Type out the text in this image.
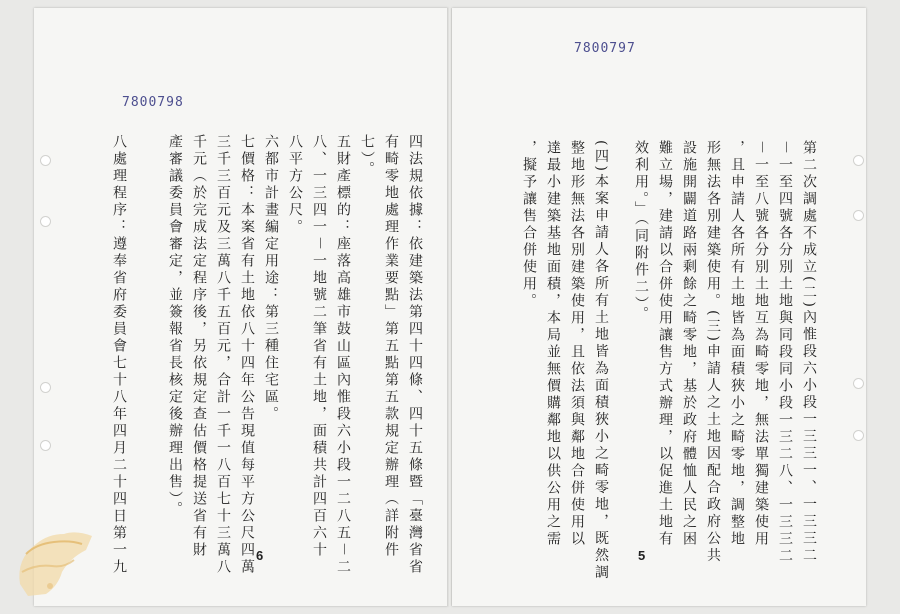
7800798
7800797
四法規依據：依建築法第四十四條、四十五條暨「臺灣省省
有畸零地處理作業要點」第五點第五款規定辦理（詳附件
七）。
五財產標的：座落高雄市鼓山區內惟段六小段一二八五－二
八、一三四一－一地號二筆省有土地，面積共計四百六十
八平方公尺。
六都市計畫編定用途：第三種住宅區。
七價格：本案省有土地依八十四年公告現值每平方公尺四萬
三千三百元及三萬八千五百元，合計一千一八百七十三萬八
千元（於完成法定程序後，另依規定查估價格提送省有財
產審議委員會審定，並簽報省長核定後辦理出售）。
八處理程序：遵奉省府委員會七十八年四月二十四日第一九	第二次調處不成立(二)內惟段六小段一三三一、一三三二
－一至四號各分別土地與同段同小段一三二八、一三三二
－一至八號各分別土地互為畸零地，無法單獨建築使用
，且申請人各所有土地皆為面積狹小之畸零地，調整地
形無法各別建築使用。(三)申請人之土地因配合政府公共
設施開闢道路兩剩餘之畸零地，基於政府體恤人民之困
難立場，建請以合併使用讓售方式辦理，以促進土地有
效利用。」（同附件二）。
(四)本案申請人各所有土地皆為面積狹小之畸零地，既然調
整地形無法各別建築使用，且依法須與鄰地合併使用以
達最小建築基地面積，本局並無價購鄰地以供公用之需
，擬予讓售合併使用。
6	5
